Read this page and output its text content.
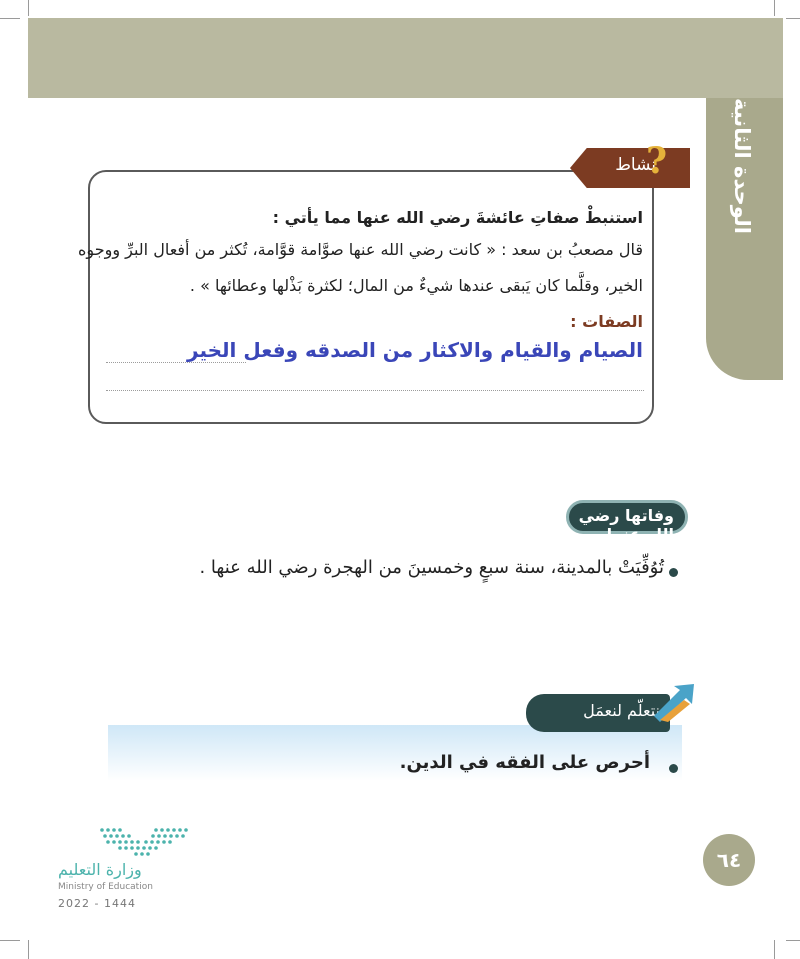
الوحدة الثانية
نشاط
?
استنبطْ صفاتِ عائشةَ رضي الله عنها مما يأتي :
قال مصعبُ بن سعد : « كانت رضي الله عنها صوَّامة قوَّامة، تُكثر من أفعال البرِّ ووجوه
الخير، وقلَّما كان يَبقى عندها شيءٌ من المال؛ لكثرة بَذْلها وعطائها » .
الصفات :
الصيام والقيام والاكثار من الصدقه وفعل الخير
وفاتها رضي الله عنها
تُوُفِّيَتْ بالمدينة، سنة سبعٍ وخمسينَ من الهجرة رضي الله عنها .
نتعلّم لنعمَل
أحرص على الفقه في الدين.
٦٤
وزارة التعليم
Ministry of Education
2022 - 1444
